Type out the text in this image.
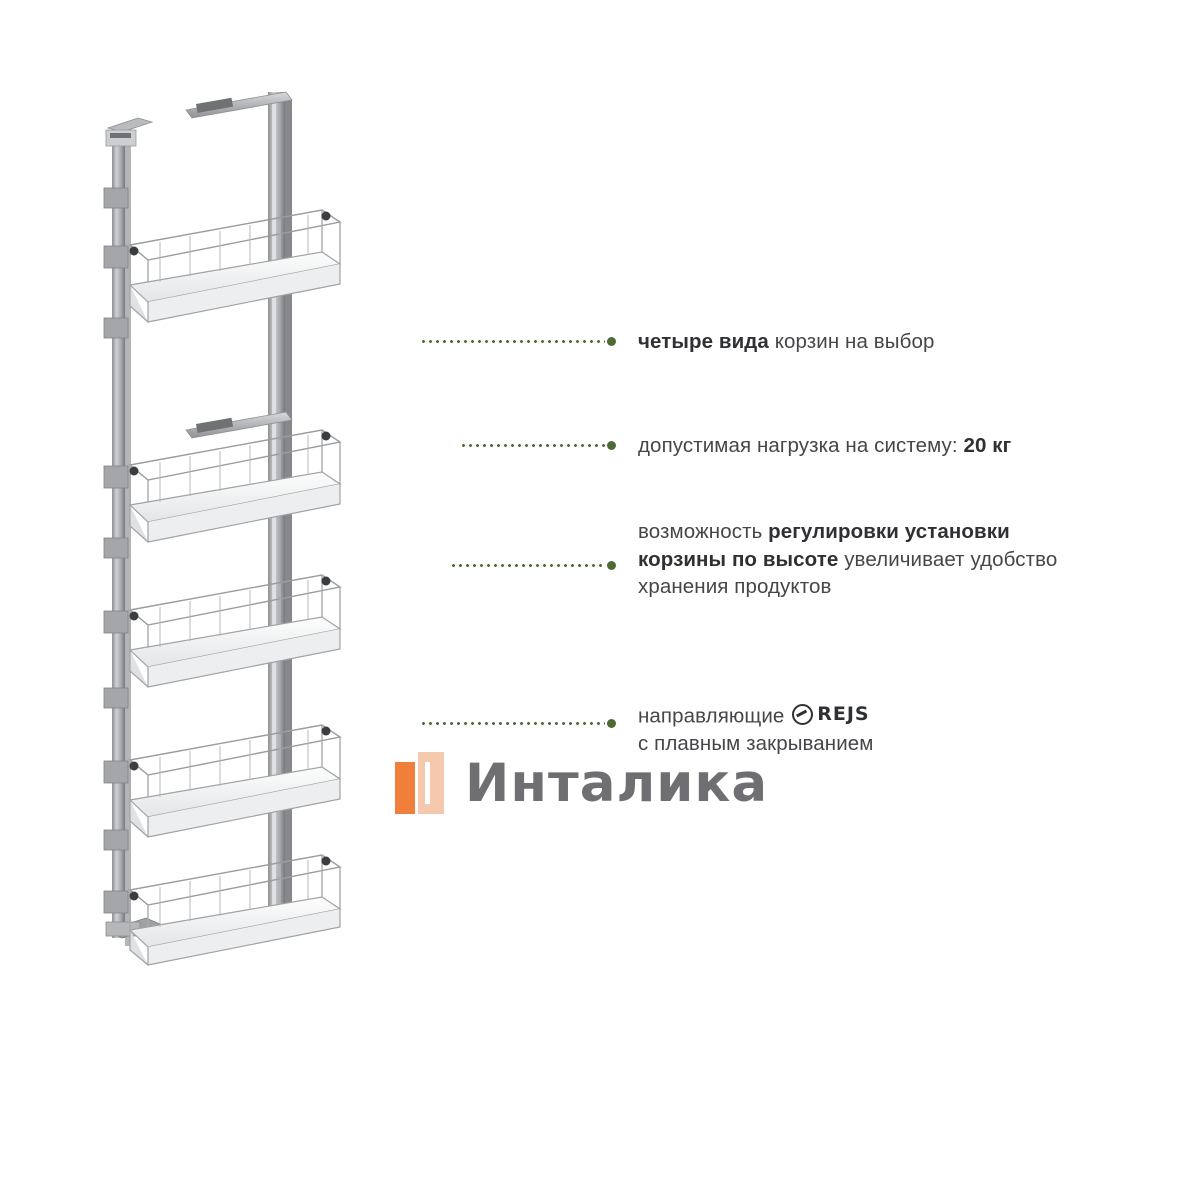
четыре вида корзин на выбор
допустимая нагрузка на систему: 20 кг
возможность регулировки установки корзины по высоте увеличивает удобство хранения продуктов
направляющие REJS

с плавным закрыванием
Инталика
